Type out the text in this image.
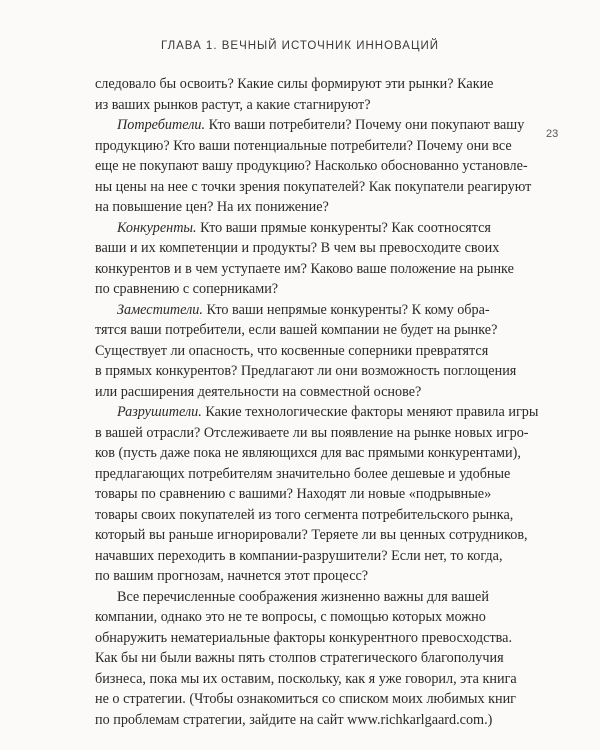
ГЛАВА 1. ВЕЧНЫЙ ИСТОЧНИК ИННОВАЦИЙ
23
следовало бы освоить? Какие силы формируют эти рынки? Какие
из ваших рынков растут, а какие стагнируют?
Потребители. Кто ваши потребители? Почему они покупают вашу
продукцию? Кто ваши потенциальные потребители? Почему они все
еще не покупают вашу продукцию? Насколько обоснованно установле-
ны цены на нее с точки зрения покупателей? Как покупатели реагируют
на повышение цен? На их понижение?
Конкуренты. Кто ваши прямые конкуренты? Как соотносятся
ваши и их компетенции и продукты? В чем вы превосходите своих
конкурентов и в чем уступаете им? Каково ваше положение на рынке
по сравнению с соперниками?
Заместители. Кто ваши непрямые конкуренты? К кому обра-
тятся ваши потребители, если вашей компании не будет на рынке?
Существует ли опасность, что косвенные соперники превратятся
в прямых конкурентов? Предлагают ли они возможность поглощения
или расширения деятельности на совместной основе?
Разрушители. Какие технологические факторы меняют правила игры
в вашей отрасли? Отслеживаете ли вы появление на рынке новых игро-
ков (пусть даже пока не являющихся для вас прямыми конкурентами),
предлагающих потребителям значительно более дешевые и удобные
товары по сравнению с вашими? Находят ли новые «подрывные»
товары своих покупателей из того сегмента потребительского рынка,
который вы раньше игнорировали? Теряете ли вы ценных сотрудников,
начавших переходить в компании-разрушители? Если нет, то когда,
по вашим прогнозам, начнется этот процесс?
Все перечисленные соображения жизненно важны для вашей
компании, однако это не те вопросы, с помощью которых можно
обнаружить нематериальные факторы конкурентного превосходства.
Как бы ни были важны пять столпов стратегического благополучия
бизнеса, пока мы их оставим, поскольку, как я уже говорил, эта книга
не о стратегии. (Чтобы ознакомиться со списком моих любимых книг
по проблемам стратегии, зайдите на сайт www.richkarlgaard.com.)
